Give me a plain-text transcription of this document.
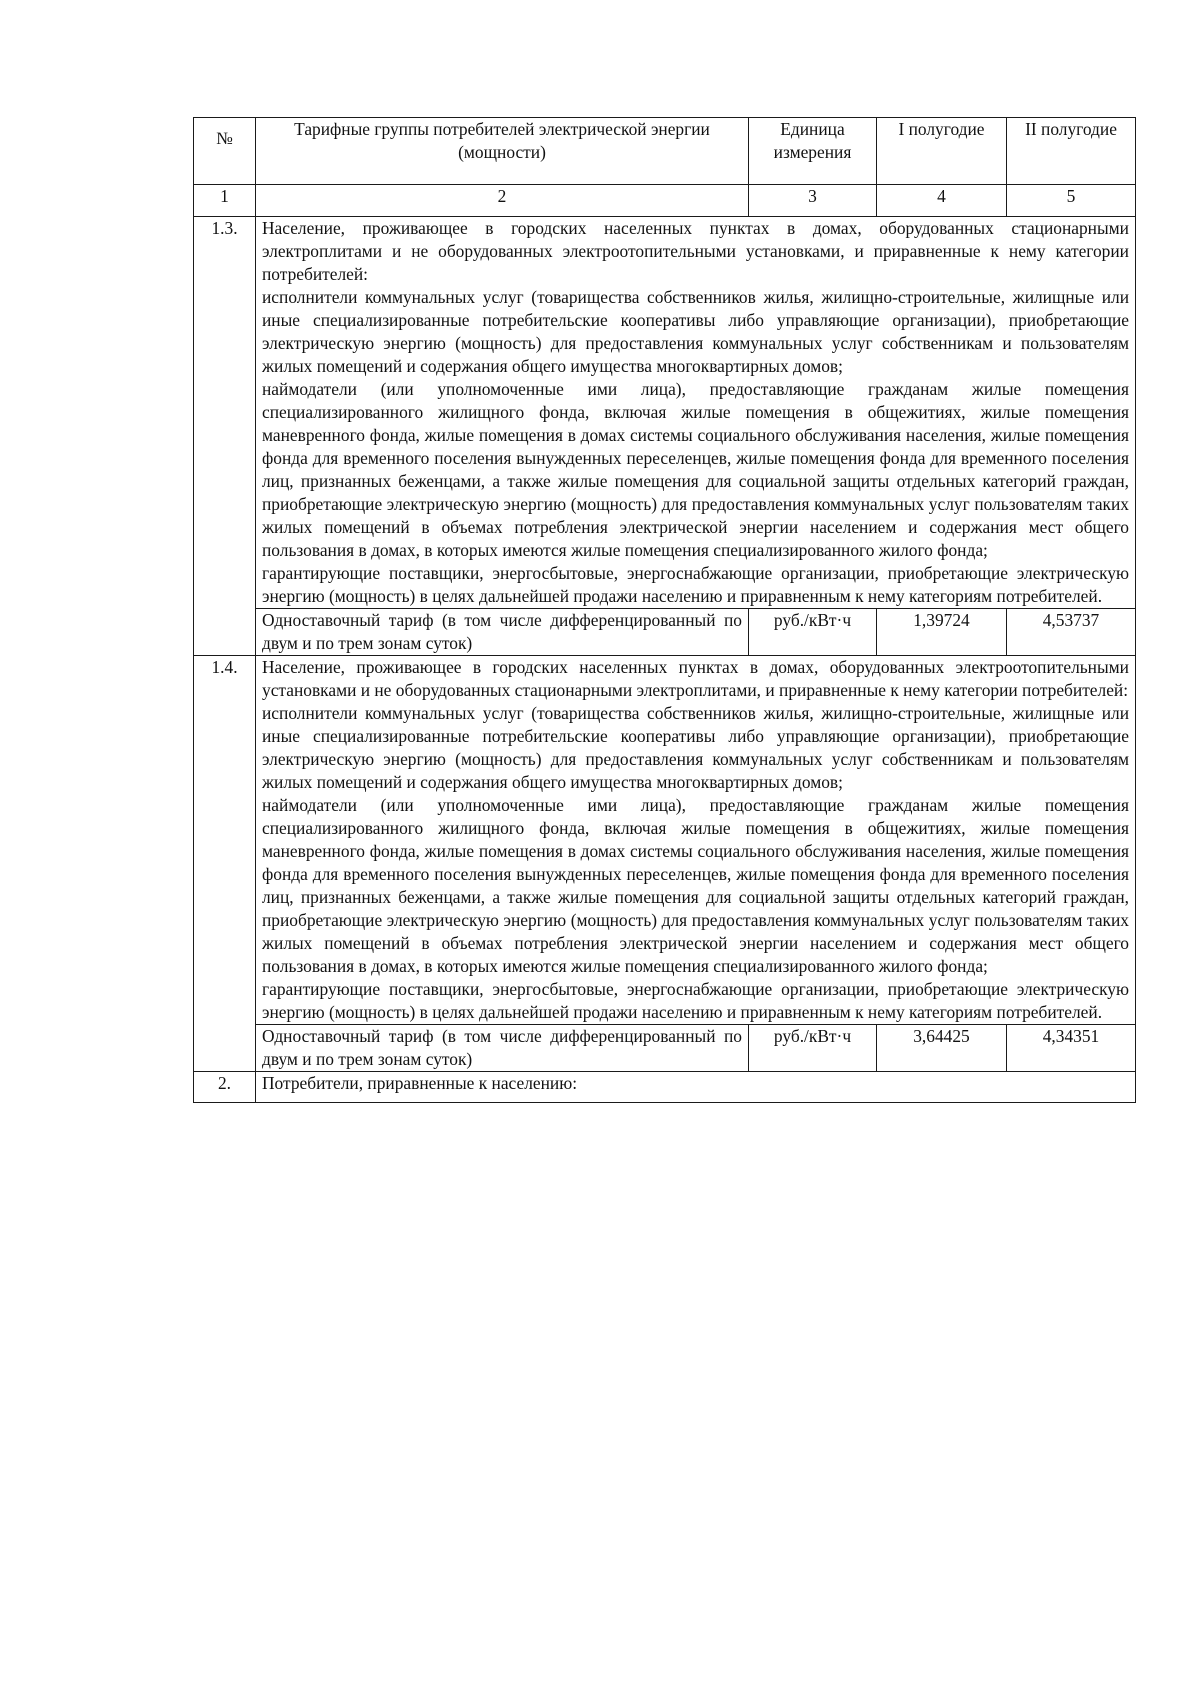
№	Тарифные группы потребителей электрической энергии (мощности)	Единица измерения	I полугодие	II полугодие
1	2	3	4	5
1.3.	Население, проживающее в городских населенных пунктах в домах, оборудованных стационарными электроплитами и не оборудованных электроотопительными установками, и приравненные к нему категории потребителей:
исполнители коммунальных услуг (товарищества собственников жилья, жилищно-строительные, жилищные или иные специализированные потребительские кооперативы либо управляющие организации), приобретающие электрическую энергию (мощность) для предоставления коммунальных услуг собственникам и пользователям жилых помещений и содержания общего имущества многоквартирных домов;
наймодатели (или уполномоченные ими лица), предоставляющие гражданам жилые помещения специализированного жилищного фонда, включая жилые помещения в общежитиях, жилые помещения маневренного фонда, жилые помещения в домах системы социального обслуживания населения, жилые помещения фонда для временного поселения вынужденных переселенцев, жилые помещения фонда для временного поселения лиц, признанных беженцами, а также жилые помещения для социальной защиты отдельных категорий граждан, приобретающие электрическую энергию (мощность) для предоставления коммунальных услуг пользователям таких жилых помещений в объемах потребления электрической энергии населением и содержания мест общего пользования в домах, в которых имеются жилые помещения специализированного жилого фонда;
гарантирующие поставщики, энергосбытовые, энергоснабжающие организации, приобретающие электрическую энергию (мощность) в целях дальнейшей продажи населению и приравненным к нему категориям потребителей.			

	Одноставочный тариф (в том числе дифференцированный по двум и по трем зонам суток)	руб./кВт·ч	1,39724	4,53737
1.4.	Население, проживающее в городских населенных пунктах в домах, оборудованных электроотопительными установками и не оборудованных стационарными электроплитами, и приравненные к нему категории потребителей:
исполнители коммунальных услуг (товарищества собственников жилья, жилищно-строительные, жилищные или иные специализированные потребительские кооперативы либо управляющие организации), приобретающие электрическую энергию (мощность) для предоставления коммунальных услуг собственникам и пользователям жилых помещений и содержания общего имущества многоквартирных домов;
наймодатели (или уполномоченные ими лица), предоставляющие гражданам жилые помещения специализированного жилищного фонда, включая жилые помещения в общежитиях, жилые помещения маневренного фонда, жилые помещения в домах системы социального обслуживания населения, жилые помещения фонда для временного поселения вынужденных переселенцев, жилые помещения фонда для временного поселения лиц, признанных беженцами, а также жилые помещения для социальной защиты отдельных категорий граждан, приобретающие электрическую энергию (мощность) для предоставления коммунальных услуг пользователям таких жилых помещений в объемах потребления электрической энергии населением и содержания мест общего пользования в домах, в которых имеются жилые помещения специализированного жилого фонда;
гарантирующие поставщики, энергосбытовые, энергоснабжающие организации, приобретающие электрическую энергию (мощность) в целях дальнейшей продажи населению и приравненным к нему категориям потребителей.			

	Одноставочный тариф (в том числе дифференцированный по двум и по трем зонам суток)	руб./кВт·ч	3,64425	4,34351
2.	Потребители, приравненные к населению:			
